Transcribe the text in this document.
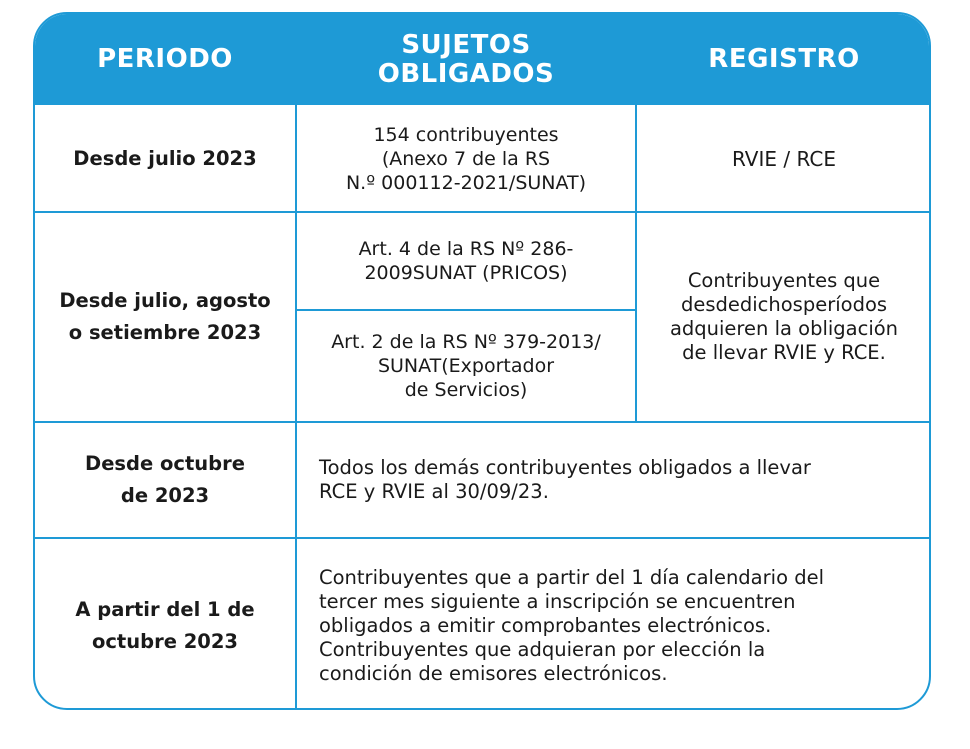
PERIODO	SUJETOS
OBLIGADOS	REGISTRO
Desde julio 2023
154 contribuyentes
(Anexo 7 de la RS
N.º 000112-2021/SUNAT)
RVIE / RCE
Desde julio, agosto
o setiembre 2023
Art. 4 de la RS Nº 286-
2009SUNAT (PRICOS)
Art. 2 de la RS Nº 379-2013/
SUNAT(Exportador
de Servicios)
Contribuyentes que
desdedichosperíodos
adquieren la obligación
de llevar RVIE y RCE.
Desde octubre
de 2023
Todos los demás contribuyentes obligados a llevar
RCE y RVIE al 30/09/23.
A partir del 1 de
octubre 2023
Contribuyentes que a partir del 1 día calendario del
tercer mes siguiente a inscripción se encuentren
obligados a emitir comprobantes electrónicos.
Contribuyentes que adquieran por elección la
condición de emisores electrónicos.
